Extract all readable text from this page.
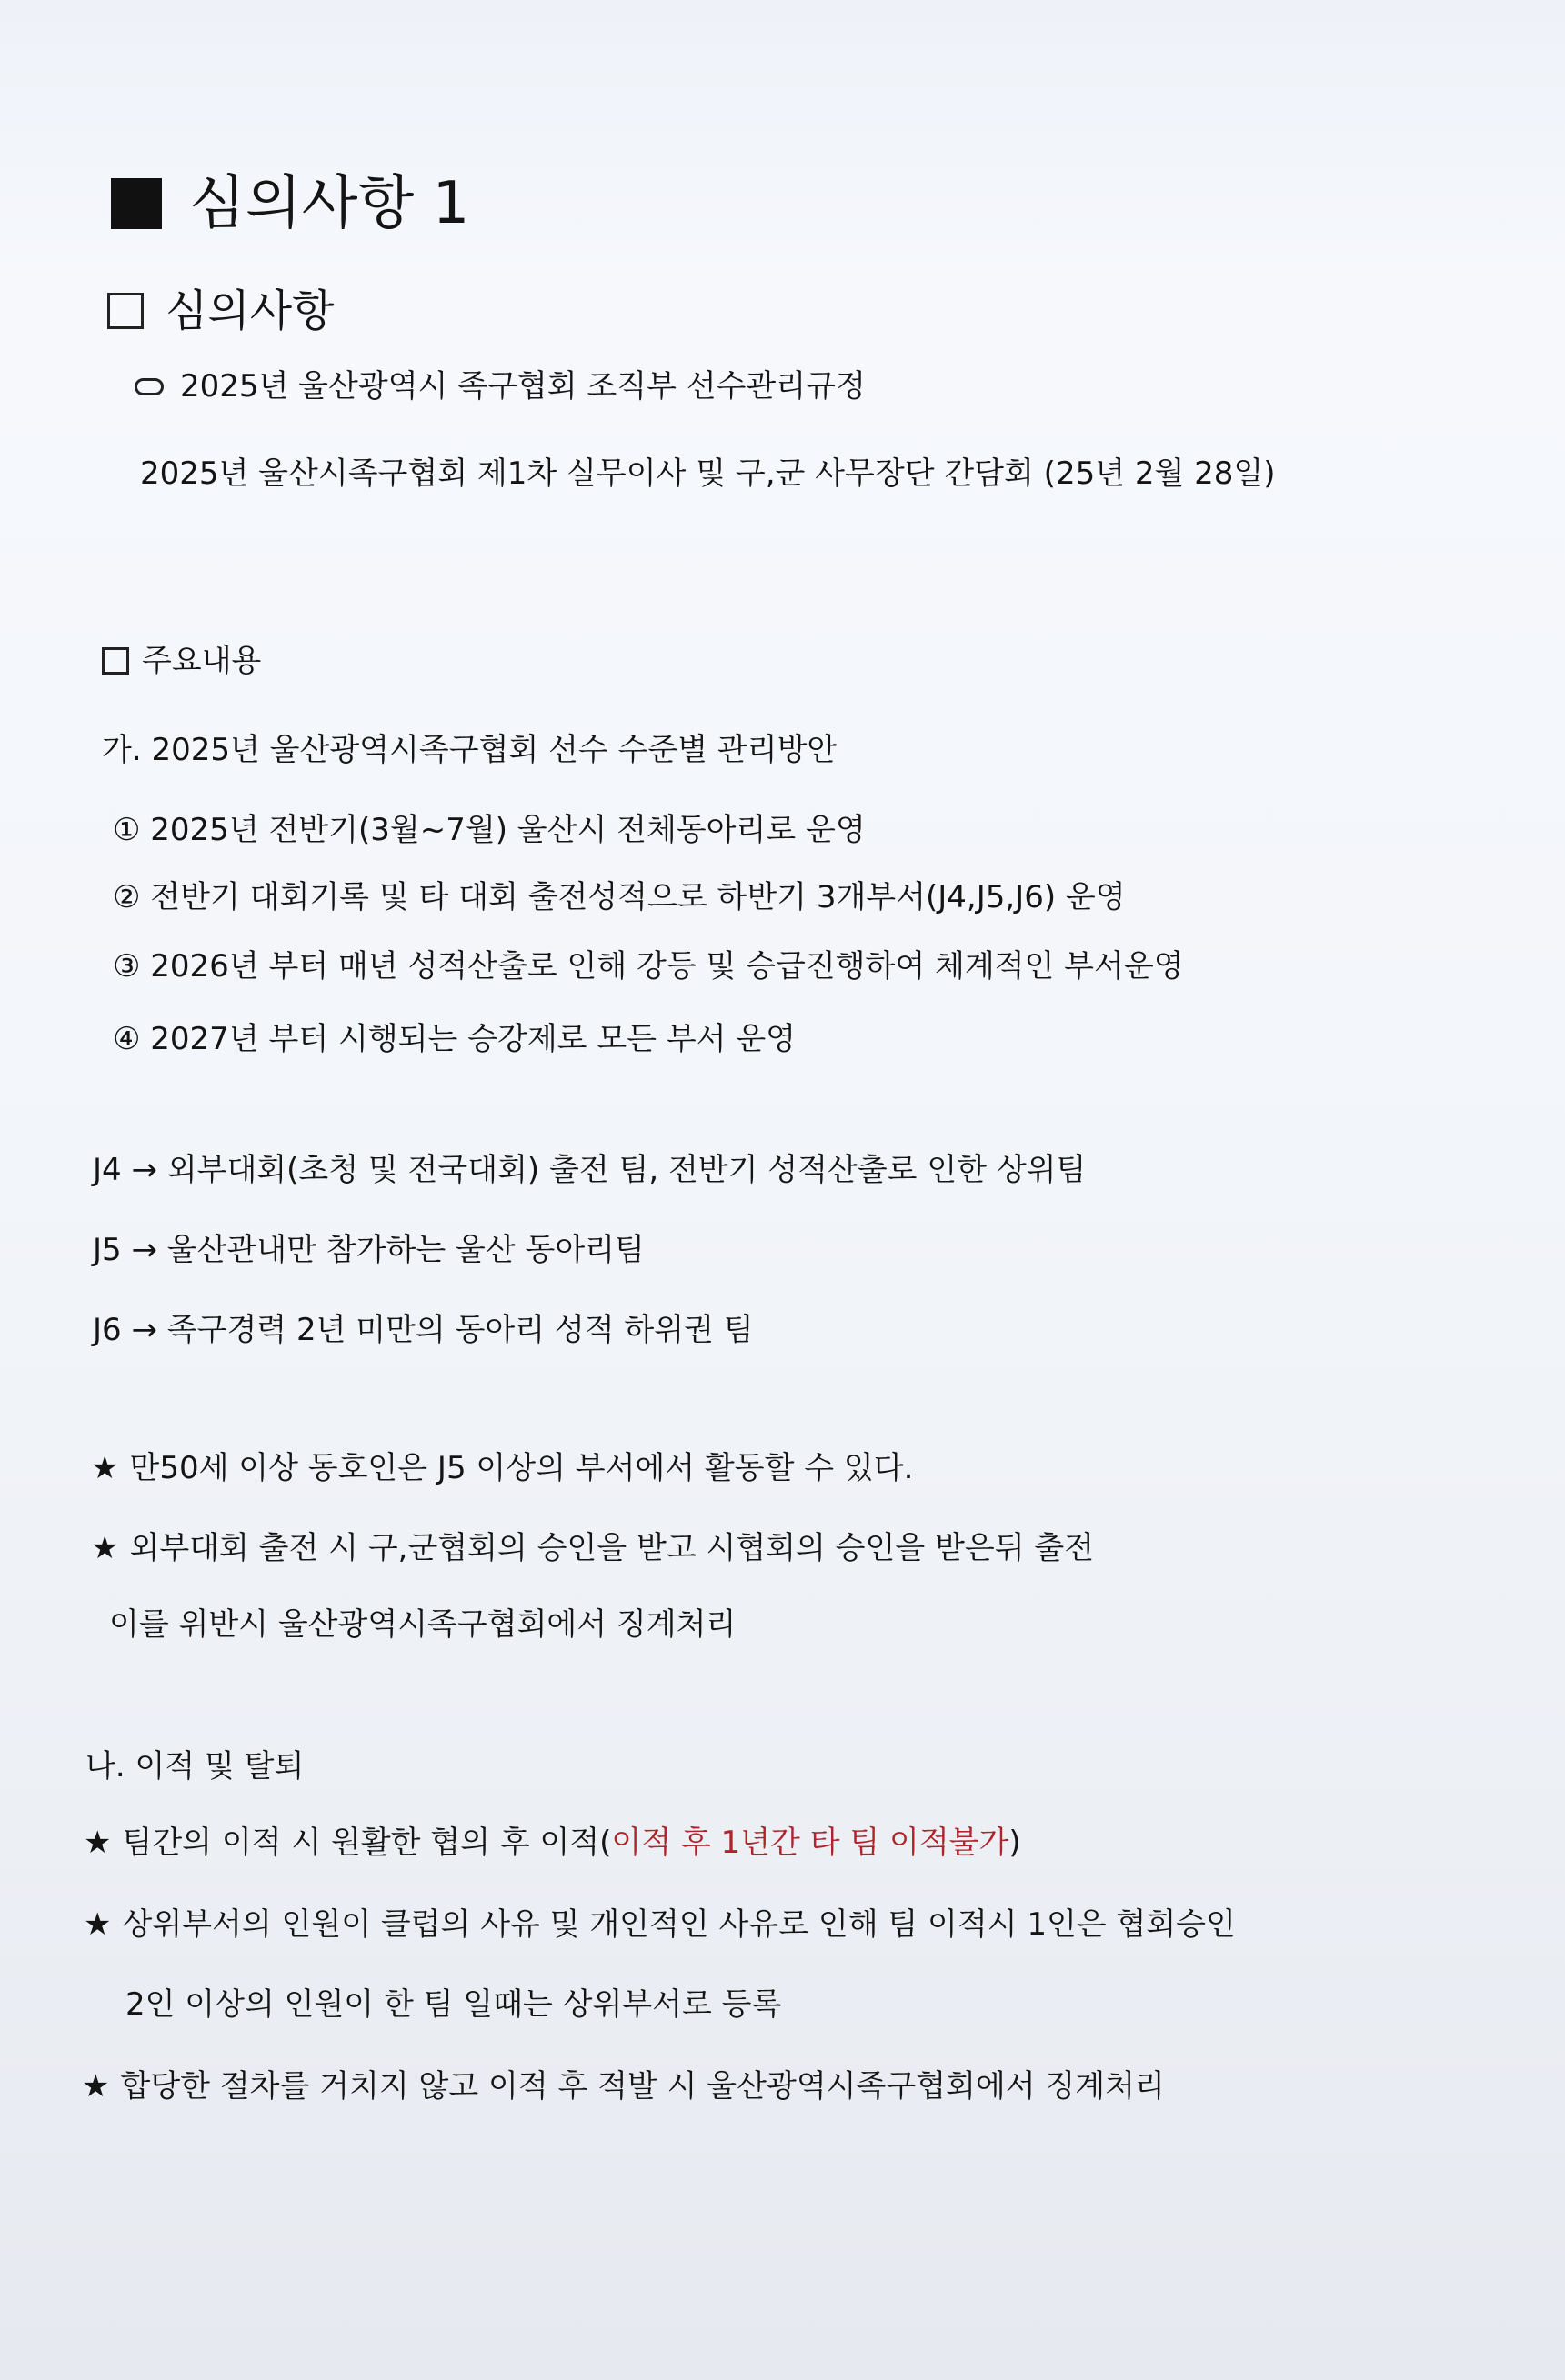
심의사항 1
심의사항
2025년 울산광역시 족구협회 조직부 선수관리규정
2025년 울산시족구협회 제1차 실무이사 및 구,군 사무장단 간담회 (25년 2월 28일)
주요내용
가. 2025년 울산광역시족구협회 선수 수준별 관리방안
① 2025년 전반기(3월~7월) 울산시 전체동아리로 운영
② 전반기 대회기록 및 타 대회 출전성적으로 하반기 3개부서(J4,J5,J6) 운영
③ 2026년 부터 매년 성적산출로 인해 강등 및 승급진행하여 체계적인 부서운영
④ 2027년 부터 시행되는 승강제로 모든 부서 운영
J4 → 외부대회(초청 및 전국대회) 출전 팀, 전반기 성적산출로 인한 상위팀
J5 → 울산관내만 참가하는 울산 동아리팀
J6 → 족구경력 2년 미만의 동아리 성적 하위권 팀
★ 만50세 이상 동호인은 J5 이상의 부서에서 활동할 수 있다.
★ 외부대회 출전 시 구,군협회의 승인을 받고 시협회의 승인을 받은뒤 출전
이를 위반시 울산광역시족구협회에서 징계처리
나. 이적 및 탈퇴
★ 팀간의 이적 시 원활한 협의 후 이적(이적 후 1년간 타 팀 이적불가)
★ 상위부서의 인원이 클럽의 사유 및 개인적인 사유로 인해 팀 이적시 1인은 협회승인
2인 이상의 인원이 한 팀 일때는 상위부서로 등록
★ 합당한 절차를 거치지 않고 이적 후 적발 시 울산광역시족구협회에서 징계처리
